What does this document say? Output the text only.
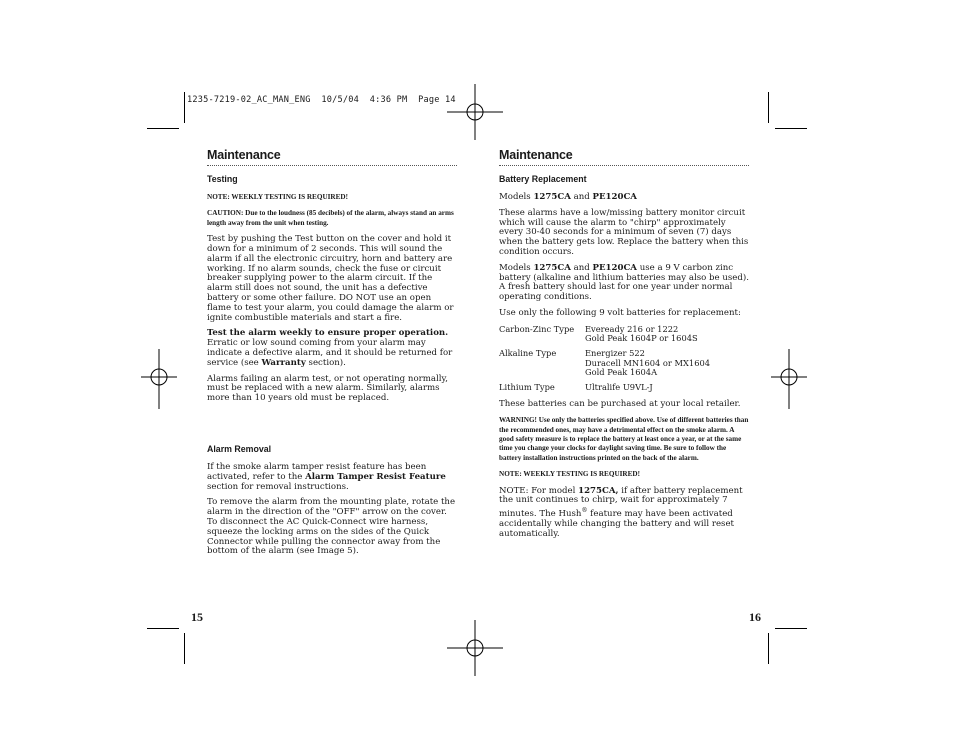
1235-7219-02_AC_MAN_ENG  10/5/04  4:36 PM  Page 14
Maintenance
Testing
NOTE: WEEKLY TESTING IS REQUIRED!
CAUTION: Due to the loudness (85 decibels) of the alarm, always stand an arms length away from the unit when testing.

Test by pushing the Test button on the cover and hold it down for a minimum of 2 seconds. This will sound the alarm if all the electronic circuitry, horn and battery are working. If no alarm sounds, check the fuse or circuit breaker supplying power to the alarm circuit. If the alarm still does not sound, the unit has a defective battery or some other failure. DO NOT use an open flame to test your alarm, you could damage the alarm or ignite combustible materials and start a fire.

Test the alarm weekly to ensure proper operation. Erratic or low sound coming from your alarm may indicate a defective alarm, and it should be returned for service (see Warranty section).

Alarms failing an alarm test, or not operating normally, must be replaced with a new alarm. Similarly, alarms more than 10 years old must be replaced.

Alarm Removal

If the smoke alarm tamper resist feature has been activated, refer to the Alarm Tamper Resist Feature section for removal instructions.

To remove the alarm from the mounting plate, rotate the alarm in the direction of the "OFF" arrow on the cover. To disconnect the AC Quick-Connect wire harness, squeeze the locking arms on the sides of the Quick Connector while pulling the connector away from the bottom of the alarm (see Image 5).

15
Maintenance
Battery Replacement

Models 1275CA and PE120CA

These alarms have a low/missing battery monitor circuit which will cause the alarm to "chirp" approximately every 30-40 seconds for a minimum of seven (7) days when the battery gets low. Replace the battery when this condition occurs.

Models 1275CA and PE120CA use a 9 V carbon zinc battery (alkaline and lithium batteries may also be used). A fresh battery should last for one year under normal operating conditions.

Use only the following 9 volt batteries for replacement:

Carbon-Zinc Type	Eveready 216 or 1222
Gold Peak 1604P or 1604S
Alkaline Type	Energizer 522
Duracell MN1604 or MX1604
Gold Peak 1604A
Lithium Type	Ultralife U9VL-J

These batteries can be purchased at your local retailer.

WARNING! Use only the batteries specified above. Use of different batteries than the recommended ones, may have a detrimental effect on the smoke alarm. A good safety measure is to replace the battery at least once a year, or at the same time you change your clocks for daylight saving time. Be sure to follow the battery installation instructions printed on the back of the alarm.
NOTE: WEEKLY TESTING IS REQUIRED!

NOTE: For model 1275CA, if after battery replacement the unit continues to chirp, wait for approximately 7 minutes. The Hush® feature may have been activated accidentally while changing the battery and will reset automatically.

16
